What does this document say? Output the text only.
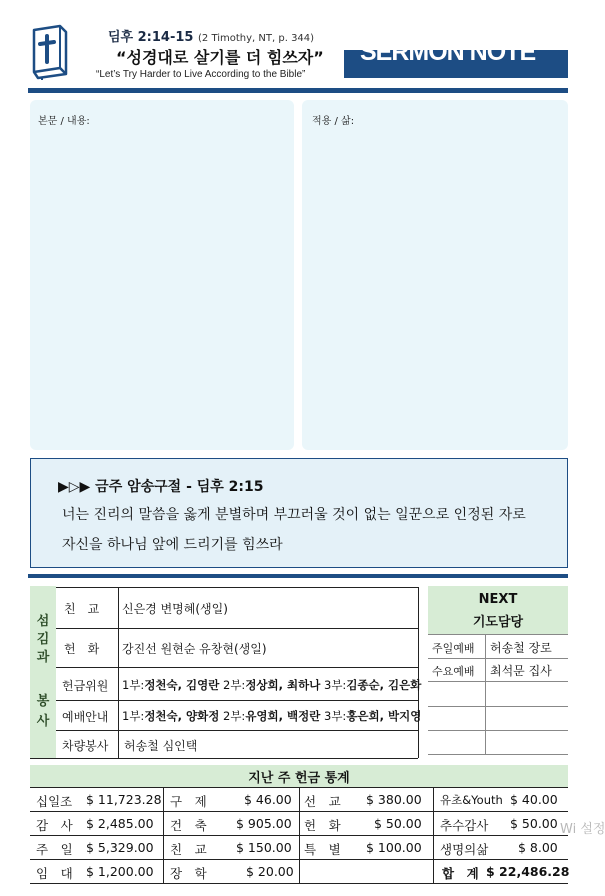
딤후 2:14-15 (2 Timothy, NT, p. 344)
“성경대로 살기를 더 힘쓰자”
“Let’s Try Harder to Live According to the Bible”
SERMON NOTE
본문 / 내용:	적용 / 삶:
▶▷▶ 금주 암송구절 - 딤후 2:15
너는 진리의 말씀을 옳게 분별하며 부끄러울 것이 없는 일꾼으로 인정된 자로
자신을 하나님 앞에 드리기를 힘쓰라
섬
김
과
봉
사
친　교 신은경 변명혜(생일)
헌　화 강진선 원현순 유창현(생일)
헌금위원 1부:정천숙, 김영란 2부:정상희, 최하나 3부:김종순, 김은화
예배안내 1부:정천숙, 양화정 2부:유영희, 백정란 3부:홍은희, 박지영
차량봉사 허송철 심인택
NEXT
기도담당
주일예배 허송철 장로
수요예배 최석문 집사
지난 주 헌금 통계
십일조 $ 11,723.28 구　제	$ 46.00 선　교 $ 380.00 유초&Youth $ 40.00
감　사 $ 2,485.00 건　축 $ 905.00 헌　화	$ 50.00 추수감사 $ 50.00
주　일 $ 5,329.00 친　교 $ 150.00 특　별 $ 100.00 생명의삶 $ 8.00
임　대 $ 1,200.00 장　학	$ 20.00	합　계 $ 22,486.28
Wi 설정
